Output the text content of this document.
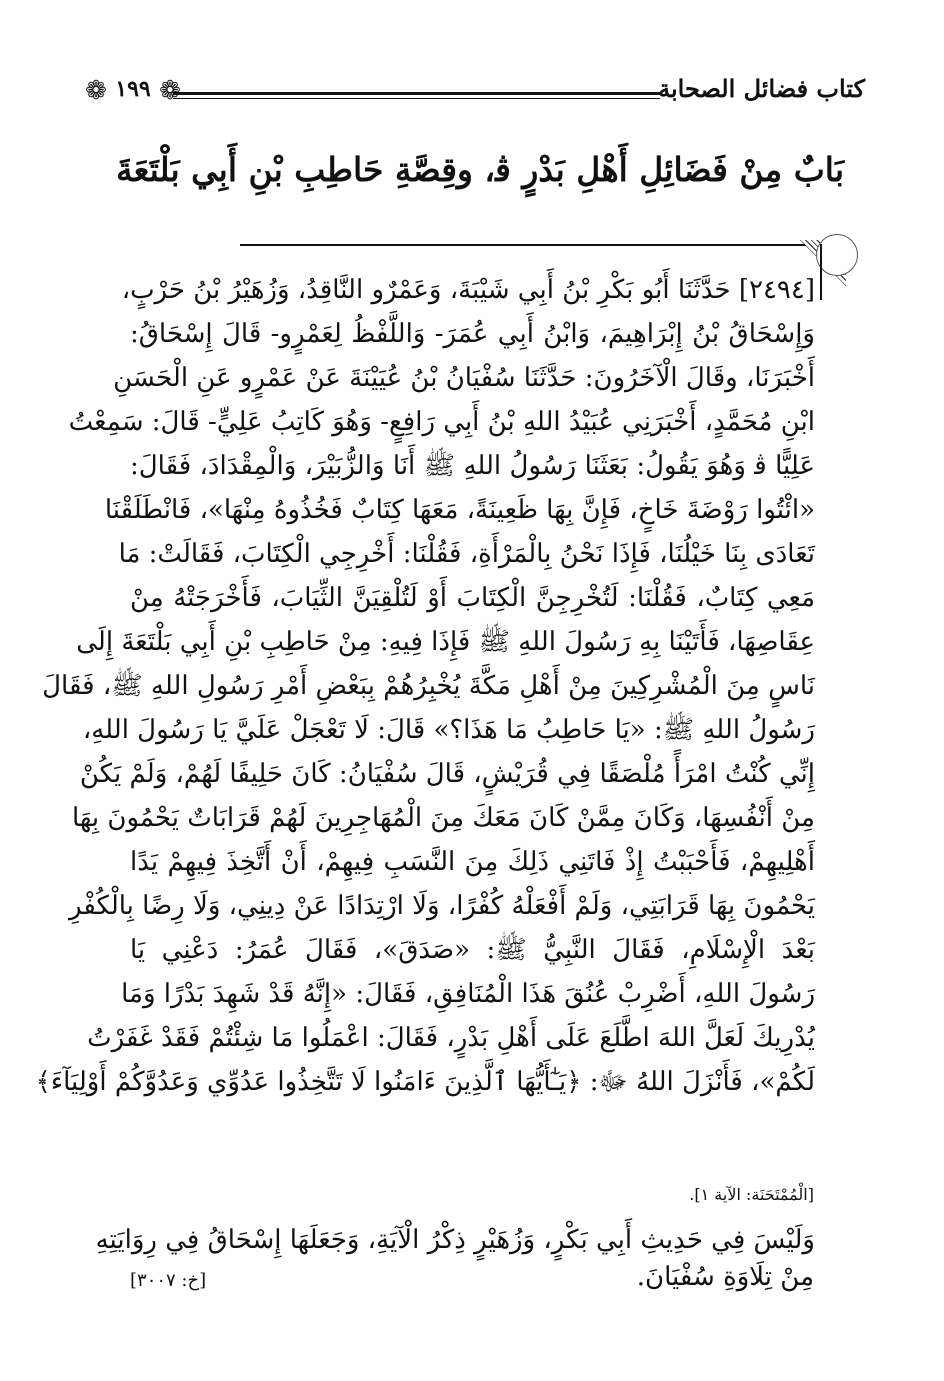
كتاب فضائل الصحابة
❁ ١٩٩ ❁
بَابٌ مِنْ فَضَائِلِ أَهْلِ بَدْرٍ ﭬ، وقِصَّةِ حَاطِبِ بْنِ أَبِي بَلْتَعَةَ
[٢٤٩٤] حَدَّثَنَا أَبُو بَكْرِ بْنُ أَبِي شَيْبَةَ، وَعَمْرٌو النَّاقِدُ، وَزُهَيْرُ بْنُ حَرْبٍ،
وَإِسْحَاقُ بْنُ إِبْرَاهِيمَ، وَابْنُ أَبِي عُمَرَ- وَاللَّفْظُ لِعَمْرٍو- قَالَ إِسْحَاقُ:
أَخْبَرَنَا، وقَالَ الْآخَرُونَ: حَدَّثَنَا سُفْيَانُ بْنُ عُيَيْنَةَ عَنْ عَمْرٍو عَنِ الْحَسَنِ
ابْنِ مُحَمَّدٍ، أَخْبَرَنِي عُبَيْدُ اللهِ بْنُ أَبِي رَافِعٍ- وَهُوَ كَاتِبُ عَلِيٍّ- قَالَ: سَمِعْتُ
عَلِيًّا ﭬ وَهُوَ يَقُولُ: بَعَثَنَا رَسُولُ اللهِ ﷺ أَنَا وَالزُّبَيْرَ، وَالْمِقْدَادَ، فَقَالَ:
«ائْتُوا رَوْضَةَ خَاخٍ، فَإِنَّ بِهَا ظَعِينَةً، مَعَهَا كِتَابٌ فَخُذُوهُ مِنْهَا»، فَانْطَلَقْنَا
تَعَادَى بِنَا خَيْلُنَا، فَإِذَا نَحْنُ بِالْمَرْأَةِ، فَقُلْنَا: أَخْرِجِي الْكِتَابَ، فَقَالَتْ: مَا
مَعِي كِتَابٌ، فَقُلْنَا: لَتُخْرِجِنَّ الْكِتَابَ أَوْ لَتُلْقِيَنَّ الثِّيَابَ، فَأَخْرَجَتْهُ مِنْ
عِقَاصِهَا، فَأَتَيْنَا بِهِ رَسُولَ اللهِ ﷺ فَإِذَا فِيهِ: مِنْ حَاطِبِ بْنِ أَبِي بَلْتَعَةَ إِلَى
نَاسٍ مِنَ الْمُشْرِكِينَ مِنْ أَهْلِ مَكَّةَ يُخْبِرُهُمْ بِبَعْضِ أَمْرِ رَسُولِ اللهِ ﷺ، فَقَالَ
رَسُولُ اللهِ ﷺ: «يَا حَاطِبُ مَا هَذَا؟» قَالَ: لَا تَعْجَلْ عَلَيَّ يَا رَسُولَ اللهِ،
إِنِّي كُنْتُ امْرَأً مُلْصَقًا فِي قُرَيْشٍ، قَالَ سُفْيَانُ: كَانَ حَلِيفًا لَهُمْ، وَلَمْ يَكُنْ
مِنْ أَنْفُسِهَا، وَكَانَ مِمَّنْ كَانَ مَعَكَ مِنَ الْمُهَاجِرِينَ لَهُمْ قَرَابَاتٌ يَحْمُونَ بِهَا
أَهْلِيهِمْ، فَأَحْبَبْتُ إِذْ فَاتَنِي ذَلِكَ مِنَ النَّسَبِ فِيهِمْ، أَنْ أَتَّخِذَ فِيهِمْ يَدًا
يَحْمُونَ بِهَا قَرَابَتِي، وَلَمْ أَفْعَلْهُ كُفْرًا، وَلَا ارْتِدَادًا عَنْ دِينِي، وَلَا رِضًا بِالْكُفْرِ
بَعْدَ الْإِسْلَامِ، فَقَالَ النَّبِيُّ ﷺ: «صَدَقَ»، فَقَالَ عُمَرُ: دَعْنِي يَا
رَسُولَ اللهِ، أَضْرِبْ عُنُقَ هَذَا الْمُنَافِقِ، فَقَالَ: «إِنَّهُ قَدْ شَهِدَ بَدْرًا وَمَا
يُدْرِيكَ لَعَلَّ اللهَ اطَّلَعَ عَلَى أَهْلِ بَدْرٍ، فَقَالَ: اعْمَلُوا مَا شِئْتُمْ فَقَدْ غَفَرْتُ
لَكُمْ»، فَأَنْزَلَ اللهُ ﷻ: ﴿يَـٰٓأَيُّهَا ٱلَّذِينَ ءَامَنُوا لَا تَتَّخِذُوا عَدُوِّي وَعَدُوَّكُمْ أَوْلِيَآءَ﴾
[الْمُمْتَحَنَة: الآية ١].
وَلَيْسَ فِي حَدِيثِ أَبِي بَكْرٍ، وَزُهَيْرٍ ذِكْرُ الْآيَةِ، وَجَعَلَهَا إِسْحَاقُ فِي رِوَايَتِهِ
مِنْ تِلَاوَةِ سُفْيَانَ.
[خ: ٣٠٠٧]
